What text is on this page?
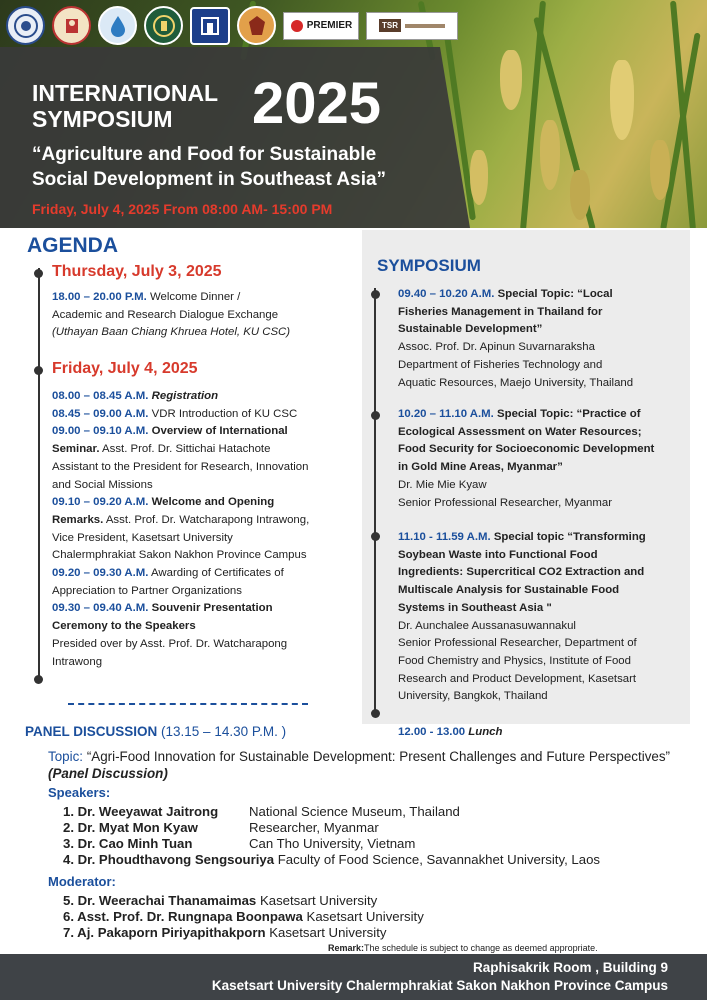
PREMIER	TSR
INTERNATIONAL
SYMPOSIUM	2025
“Agriculture and Food for Sustainable
Social Development in Southeast Asia”
Friday, July 4, 2025 From 08:00 AM- 15:00 PM
AGENDA
Thursday, July 3, 2025
18.00 – 20.00 P.M. Welcome Dinner /
Academic and Research Dialogue Exchange
(Uthayan Baan Chiang Khruea Hotel, KU CSC)
Friday, July 4, 2025
08.00 – 08.45 A.M. Registration
08.45 – 09.00 A.M. VDR Introduction of KU CSC
09.00 – 09.10 A.M. Overview of International
Seminar. Asst. Prof. Dr. Sittichai Hatachote
Assistant to the President for Research, Innovation
and Social Missions
09.10 – 09.20 A.M. Welcome and Opening
Remarks. Asst. Prof. Dr. Watcharapong Intrawong,
Vice President, Kasetsart University
Chalermphrakiat Sakon Nakhon Province Campus
09.20 – 09.30 A.M. Awarding of Certificates of
Appreciation to Partner Organizations
09.30 – 09.40 A.M. Souvenir Presentation
Ceremony to the Speakers
Presided over by Asst. Prof. Dr. Watcharapong
Intrawong
SYMPOSIUM
09.40 – 10.20 A.M. Special Topic: “Local
Fisheries Management in Thailand for
Sustainable Development”
Assoc. Prof. Dr. Apinun Suvarnaraksha
Department of Fisheries Technology and
Aquatic Resources, Maejo University, Thailand
10.20 – 11.10 A.M. Special Topic: “Practice of
Ecological Assessment on Water Resources;
Food Security for Socioeconomic Development
in Gold Mine Areas, Myanmar”
Dr. Mie Mie Kyaw
Senior Professional Researcher, Myanmar
11.10 - 11.59 A.M. Special topic “Transforming
Soybean Waste into Functional Food
Ingredients: Supercritical CO2 Extraction and
Multiscale Analysis for Sustainable Food
Systems in Southeast Asia "
Dr. Aunchalee Aussanasuwannakul
Senior Professional Researcher, Department of
Food Chemistry and Physics, Institute of Food
Research and Product Development, Kasetsart
University, Bangkok, Thailand
12.00 - 13.00 Lunch
PANEL DISCUSSION (13.15 – 14.30 P.M. )
Topic: “Agri-Food Innovation for Sustainable Development: Present Challenges and Future Perspectives” (Panel Discussion)
Speakers:
1. Dr. Weeyawat Jaitrong National Science Museum, Thailand
2. Dr. Myat Mon Kyaw	Researcher, Myanmar
3. Dr. Cao Minh Tuan	Can Tho University, Vietnam
4. Dr. Phoudthavong Sengsouriya Faculty of Food Science, Savannakhet University, Laos
Moderator:
5. Dr. Weerachai Thanamaimas Kasetsart University
6. Asst. Prof. Dr. Rungnapa Boonpawa Kasetsart University
7. Aj. Pakaporn Piriyapithakporn Kasetsart University
Remark:The schedule is subject to change as deemed appropriate.
Raphisakrik Room , Building 9
Kasetsart University Chalermphrakiat Sakon Nakhon Province Campus
